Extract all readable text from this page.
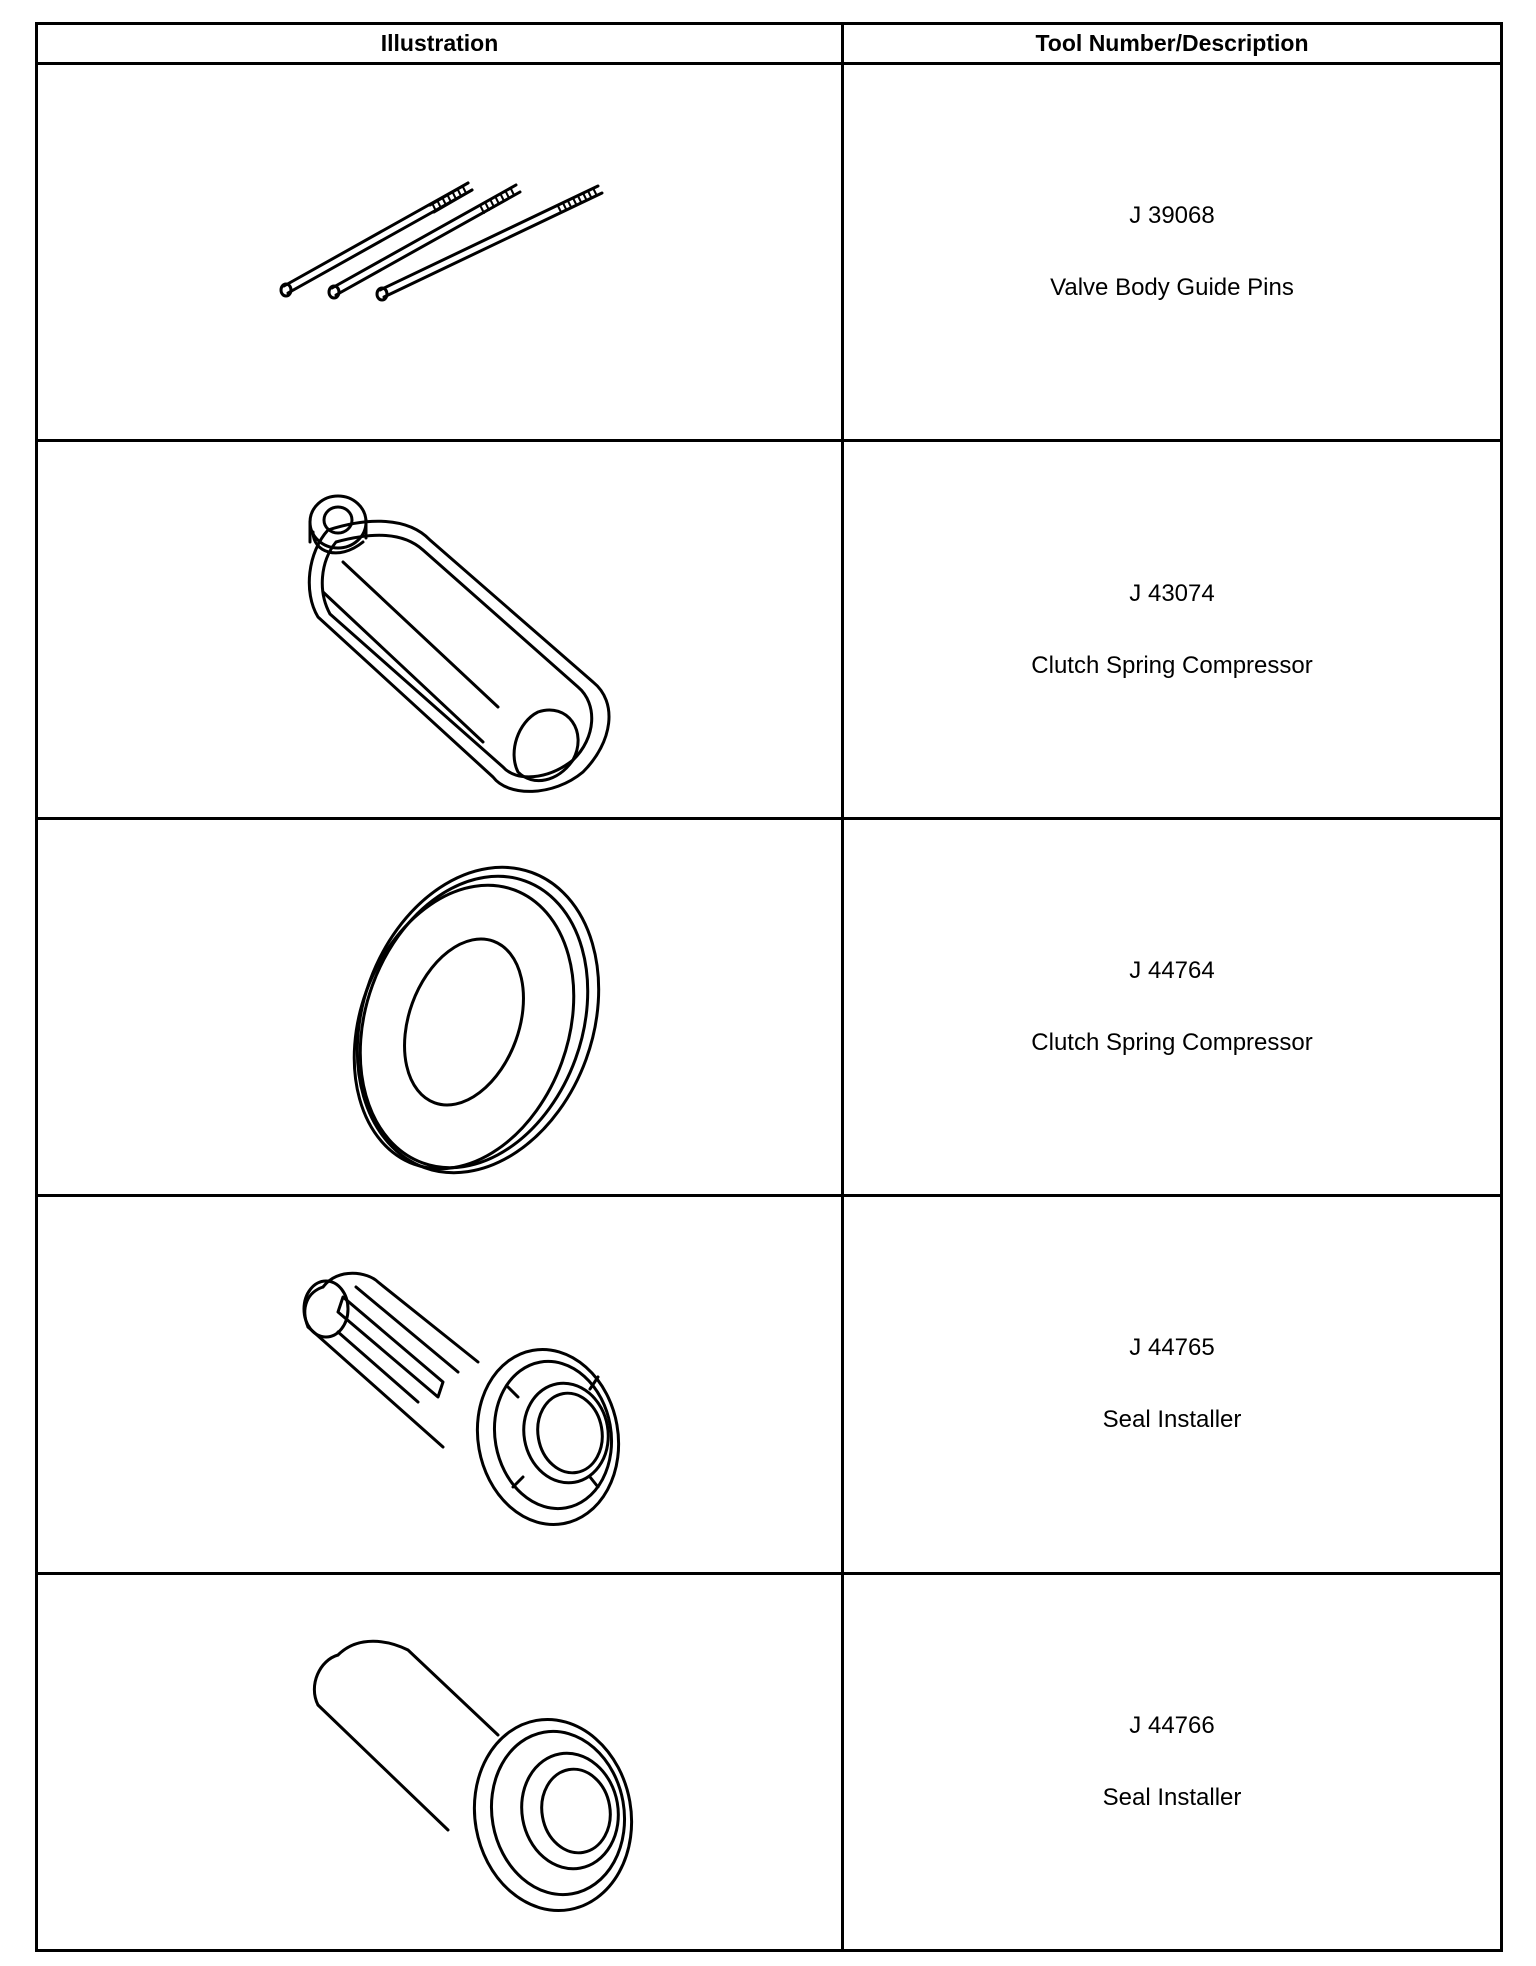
Illustration	Tool Number/Description

J 39068
Valve Body Guide Pins

J 43074
Clutch Spring Compressor

J 44764
Clutch Spring Compressor

J 44765
Seal Installer

J 44766
Seal Installer
